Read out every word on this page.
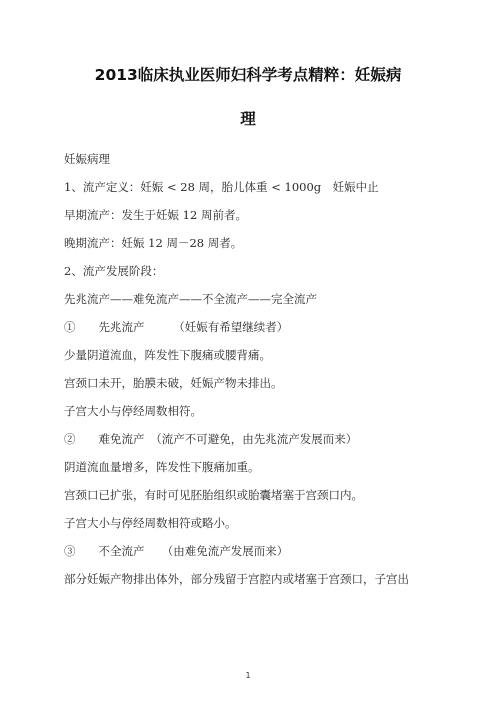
2013临床执业医师妇科学考点精粹：妊娠病
理
妊娠病理
1、流产定义：妊娠 < 28 周，胎儿体重 < 1000g　妊娠中止
早期流产：发生于妊娠 12 周前者。
晚期流产：妊娠 12 周－28 周者。
2、流产发展阶段：
先兆流产——难免流产——不全流产——完全流产
①　　先兆流产　　　（妊娠有希望继续者）
少量阴道流血，阵发性下腹痛或腰背痛。
宫颈口未开，胎膜未破，妊娠产物未排出。
子宫大小与停经周数相符。
②　　难免流产　（流产不可避免，由先兆流产发展而来）
阴道流血量增多，阵发性下腹痛加重。
宫颈口已扩张，有时可见胚胎组织或胎囊堵塞于宫颈口内。
子宫大小与停经周数相符或略小。
③　　不全流产　　（由难免流产发展而来）
部分妊娠产物排出体外，部分残留于宫腔内或堵塞于宫颈口，子宫出
1
